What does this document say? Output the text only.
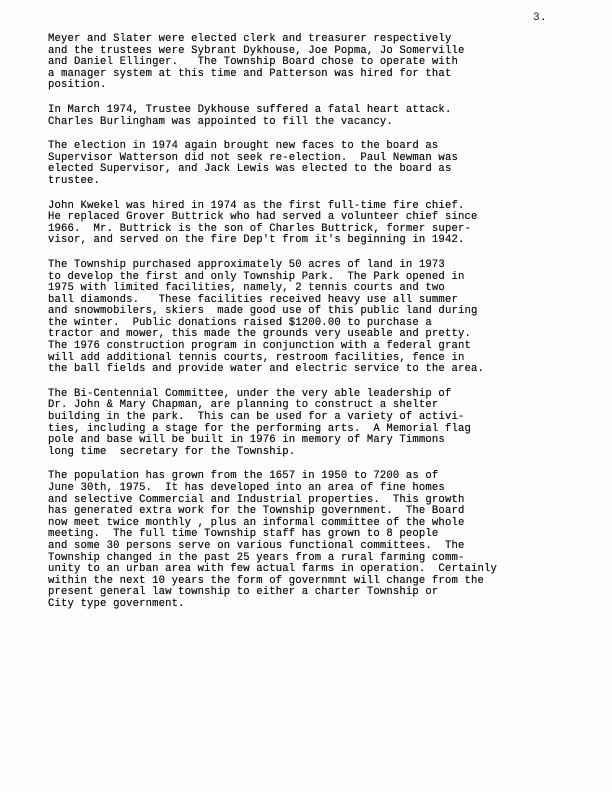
3.
Meyer and Slater were elected clerk and treasurer respectively
and the trustees were Sybrant Dykhouse, Joe Popma, Jo Somerville
and Daniel Ellinger.   The Township Board chose to operate with
a manager system at this time and Patterson was hired for that
position.
In March 1974, Trustee Dykhouse suffered a fatal heart attack.
Charles Burlingham was appointed to fill the vacancy.
The election in 1974 again brought new faces to the board as
Supervisor Watterson did not seek re-election.  Paul Newman was
elected Supervisor, and Jack Lewis was elected to the board as
trustee.
John Kwekel was hired in 1974 as the first full-time fire chief.
He replaced Grover Buttrick who had served a volunteer chief since
1966.  Mr. Buttrick is the son of Charles Buttrick, former super-
visor, and served on the fire Dep't from it's beginning in 1942.
The Township purchased approximately 50 acres of land in 1973
to develop the first and only Township Park.  The Park opened in
1975 with limited facilities, namely, 2 tennis courts and two
ball diamonds.   These facilities received heavy use all summer
and snowmobilers, skiers  made good use of this public land during
the winter.  Public donations raised $1200.00 to purchase a
tractor and mower, this made the grounds very useable and pretty.
The 1976 construction program in conjunction with a federal grant
will add additional tennis courts, restroom facilities, fence in
the ball fields and provide water and electric service to the area.
The Bi-Centennial Committee, under the very able leadership of
Dr. John & Mary Chapman, are planning to construct a shelter
building in the park.  This can be used for a variety of activi-
ties, including a stage for the performing arts.  A Memorial flag
pole and base will be built in 1976 in memory of Mary Timmons
long time  secretary for the Township.
The population has grown from the 1657 in 1950 to 7200 as of
June 30th, 1975.  It has developed into an area of fine homes
and selective Commercial and Industrial properties.  This growth
has generated extra work for the Township government.  The Board
now meet twice monthly , plus an informal committee of the whole
meeting.  The full time Township staff has grown to 8 people
and some 30 persons serve on various functional committees.  The
Township changed in the past 25 years from a rural farming comm-
unity to an urban area with few actual farms in operation.  Certainly
within the next 10 years the form of governmnt will change from the
present general law township to either a charter Township or
City type government.
